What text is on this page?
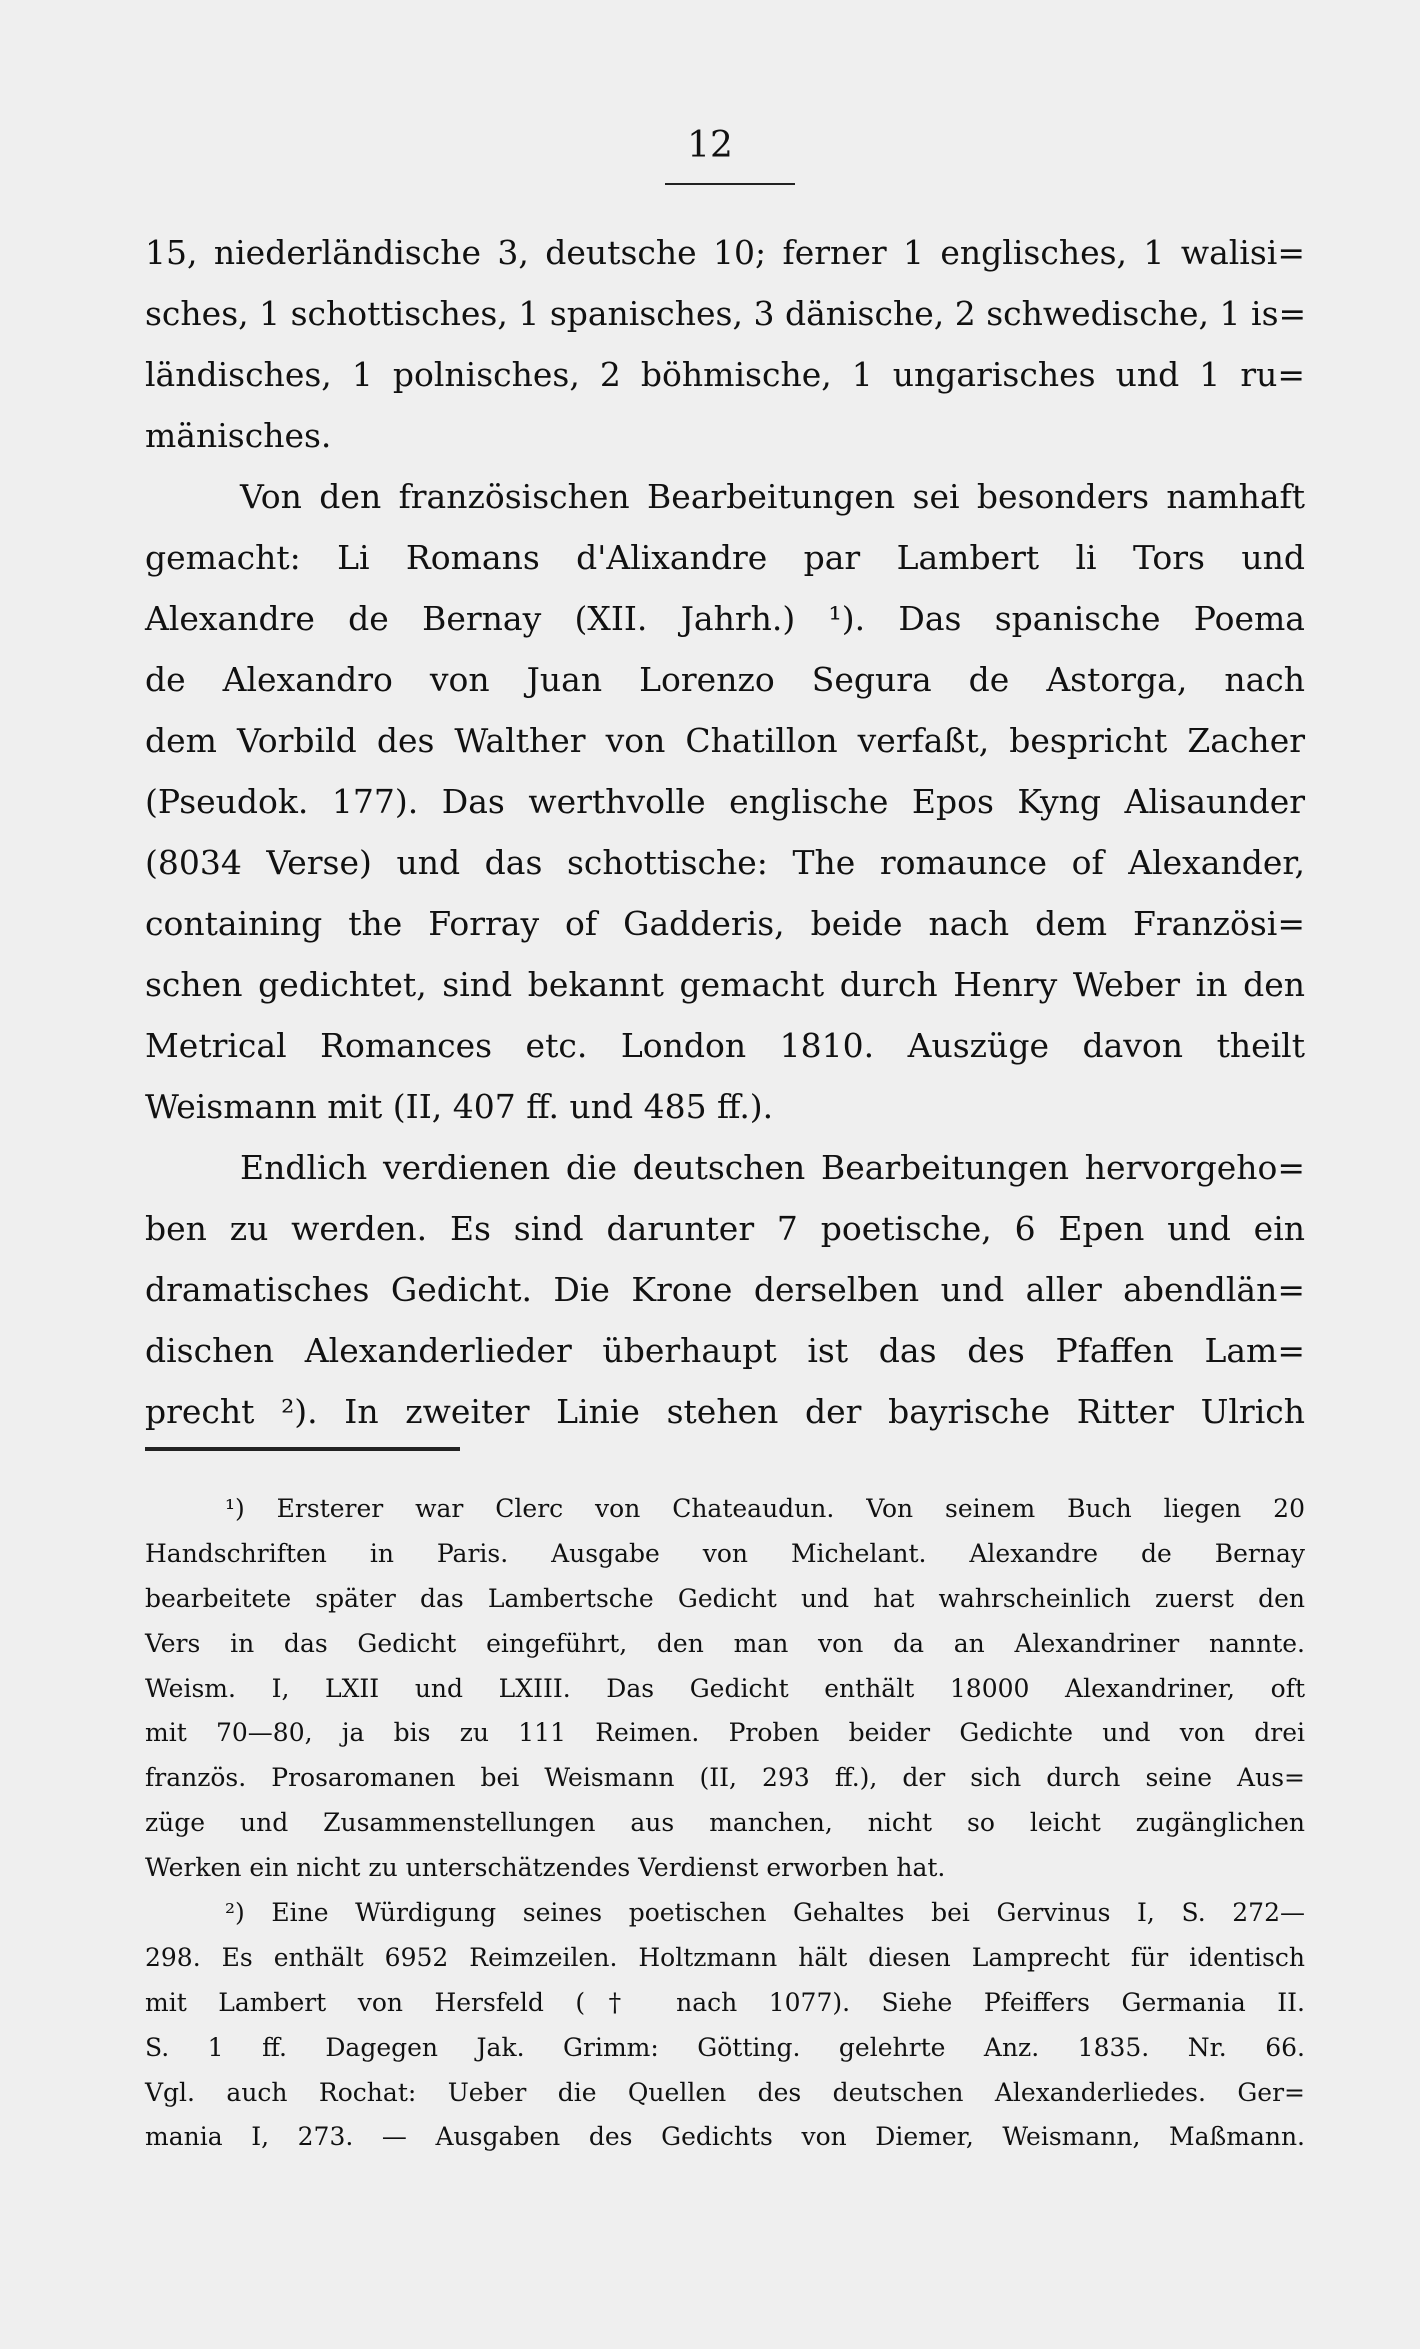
12
15, niederländische 3, deutsche 10; ferner 1 englisches, 1 walisi=
sches, 1 schottisches, 1 spanisches, 3 dänische, 2 schwedische, 1 is=
ländisches, 1 polnisches, 2 böhmische, 1 ungarisches und 1 ru=
mänisches.
Von den französischen Bearbeitungen sei besonders namhaft
gemacht: Li Romans d'Alixandre par Lambert li Tors und
Alexandre de Bernay (XII. Jahrh.) ¹). Das spanische Poema
de Alexandro von Juan Lorenzo Segura de Astorga, nach
dem Vorbild des Walther von Chatillon verfaßt, bespricht Zacher
(Pseudok. 177). Das werthvolle englische Epos Kyng Alisaunder
(8034 Verse) und das schottische: The romaunce of Alexander,
containing the Forray of Gadderis, beide nach dem Französi=
schen gedichtet, sind bekannt gemacht durch Henry Weber in den
Metrical Romances etc. London 1810. Auszüge davon theilt
Weismann mit (II, 407 ff. und 485 ff.).
Endlich verdienen die deutschen Bearbeitungen hervorgeho=
ben zu werden. Es sind darunter 7 poetische, 6 Epen und ein
dramatisches Gedicht. Die Krone derselben und aller abendlän=
dischen Alexanderlieder überhaupt ist das des Pfaffen Lam=
precht ²). In zweiter Linie stehen der bayrische Ritter Ulrich
¹) Ersterer war Clerc von Chateaudun. Von seinem Buch liegen 20
Handschriften in Paris. Ausgabe von Michelant. Alexandre de Bernay
bearbeitete später das Lambertsche Gedicht und hat wahrscheinlich zuerst den
Vers in das Gedicht eingeführt, den man von da an Alexandriner nannte.
Weism. I, LXII und LXIII. Das Gedicht enthält 18000 Alexandriner, oft
mit 70—80, ja bis zu 111 Reimen. Proben beider Gedichte und von drei
französ. Prosaromanen bei Weismann (II, 293 ff.), der sich durch seine Aus=
züge und Zusammenstellungen aus manchen, nicht so leicht zugänglichen
Werken ein nicht zu unterschätzendes Verdienst erworben hat.
²) Eine Würdigung seines poetischen Gehaltes bei Gervinus I, S. 272—
298. Es enthält 6952 Reimzeilen. Holtzmann hält diesen Lamprecht für identisch
mit Lambert von Hersfeld († nach 1077). Siehe Pfeiffers Germania II.
S. 1 ff. Dagegen Jak. Grimm: Götting. gelehrte Anz. 1835. Nr. 66.
Vgl. auch Rochat: Ueber die Quellen des deutschen Alexanderliedes. Ger=
mania I, 273. — Ausgaben des Gedichts von Diemer, Weismann, Maßmann.
